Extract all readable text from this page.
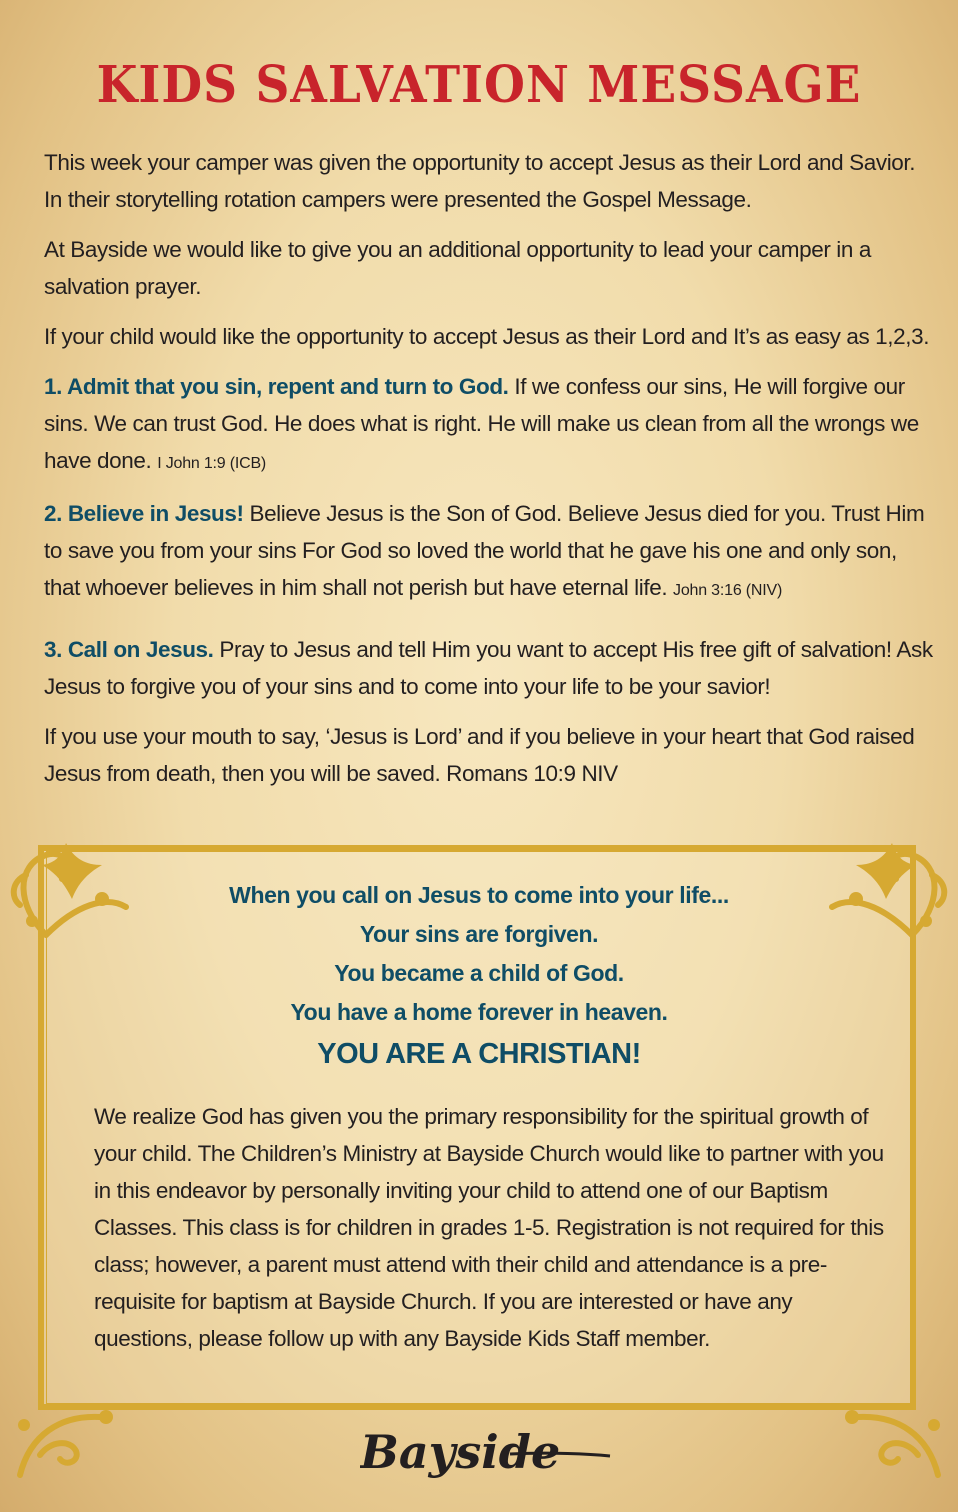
KIDS SALVATION MESSAGE

This week your camper was given the opportunity to accept Jesus as their Lord and Savior. In their storytelling rotation campers were presented the Gospel Message.

At Bayside we would like to give you an additional opportunity to lead your camper in a salvation prayer.

If your child would like the opportunity to accept Jesus as their Lord and It’s as easy as 1,2,3.

1. Admit that you sin, repent and turn to God. If we confess our sins, He will forgive our sins. We can trust God. He does what is right. He will make us clean from all the wrongs we have done. I John 1:9 (ICB)

2. Believe in Jesus! Believe Jesus is the Son of God. Believe Jesus died for you. Trust Him to save you from your sins For God so loved the world that he gave his one and only son, that whoever believes in him shall not perish but have eternal life. John 3:16 (NIV)

3. Call on Jesus. Pray to Jesus and tell Him you want to accept His free gift of salvation! Ask Jesus to forgive you of your sins and to come into your life to be your savior!

If you use your mouth to say, ‘Jesus is Lord’ and if you believe in your heart that God raised Jesus from death, then you will be saved. Romans 10:9 NIV

When you call on Jesus to come into your life...
Your sins are forgiven.
You became a child of God.
You have a home forever in heaven.
YOU ARE A CHRISTIAN!

We realize God has given you the primary responsibility for the spiritual growth of your child. The Children’s Ministry at Bayside Church would like to partner with you in this endeavor by personally inviting your child to attend one of our Baptism Classes. This class is for children in grades 1-5. Registration is not required for this class; however, a parent must attend with their child and attendance is a pre-requisite for baptism at Bayside Church. If you are interested or have any questions, please follow up with any Bayside Kids Staff member.

Bayside
